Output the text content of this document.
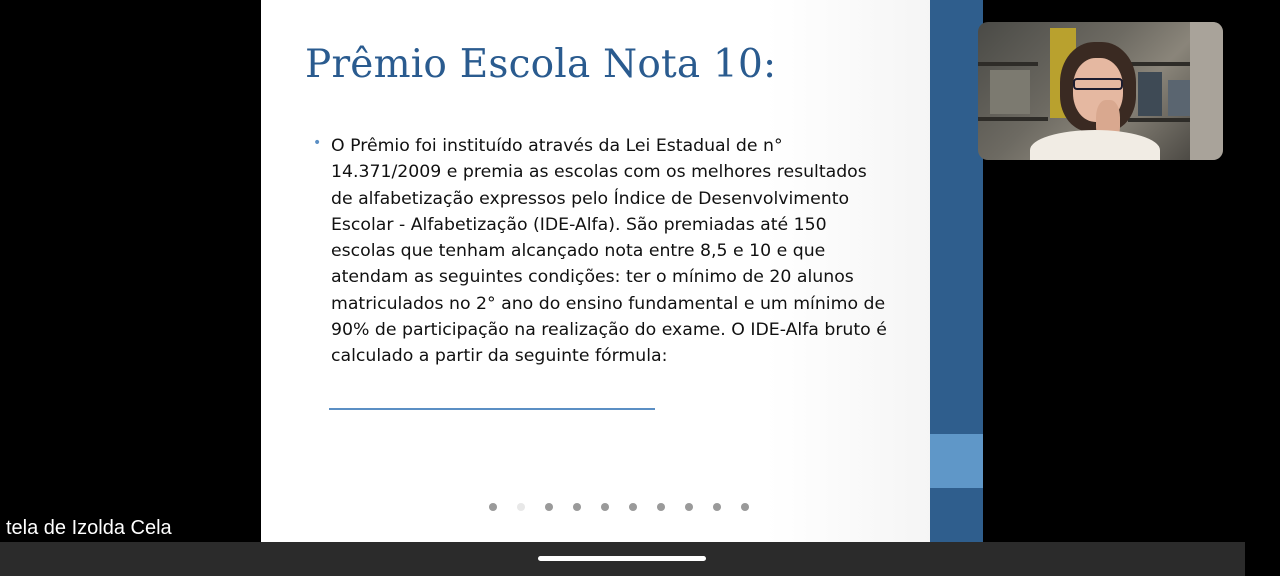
Prêmio Escola Nota 10:
• O Prêmio foi instituído através da Lei Estadual de n° 14.371/2009 e premia as escolas com os melhores resultados de alfabetização expressos pelo Índice de Desenvolvimento Escolar - Alfabetização (IDE-Alfa). São premiadas até 150 escolas que tenham alcançado nota entre 8,5 e 10 e que atendam as seguintes condições: ter o mínimo de 20 alunos matriculados no 2° ano do ensino fundamental e um mínimo de 90% de participação na realização do exame. O IDE-Alfa bruto é calculado a partir da seguinte fórmula:

tela de Izolda Cela
